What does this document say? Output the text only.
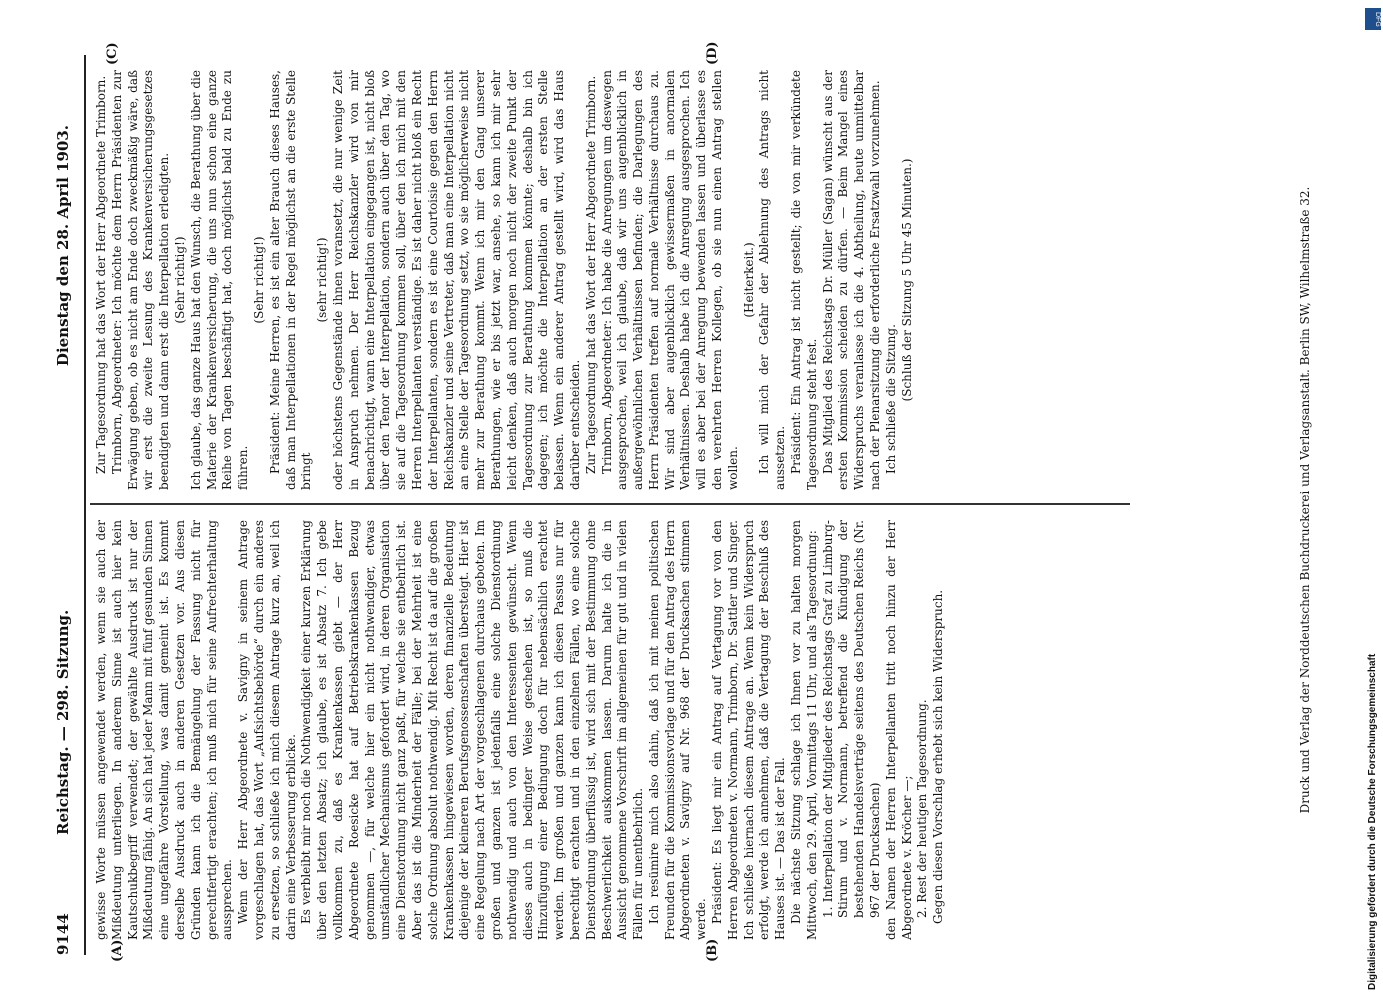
9144
Reichstag. — 298. Sitzung.
Dienstag den 28. April 1903.

gewisse Worte müssen angewendet werden, wenn sie auch der Mißdeutung unterliegen. In anderem Sinne ist auch hier kein Kautschukbegriff verwendet; der gewählte Ausdruck ist nur der Mißdeutung fähig. An sich hat jeder Mann mit fünf gesunden Sinnen eine ungefähre Vorstellung, was damit gemeint ist. Es kommt derselbe Ausdruck auch in anderen Gesetzen vor. Aus diesen Gründen kann ich die Bemängelung der Fassung nicht für gerechtfertigt erachten; ich muß mich für seine Aufrechterhaltung aussprechen. Wenn der Herr Abgeordnete v. Savigny in seinem Antrage vorgeschlagen hat, das Wort „Aufsichtsbehörde“ durch ein anderes zu ersetzen, so schließe ich mich diesem Antrage kurz an, weil ich darin eine Verbesserung erblicke. Es verbleibt mir noch die Nothwendigkeit einer kurzen Erklärung über den letzten Absatz; ich glaube, es ist Absatz 7. Ich gebe vollkommen zu, daß es Krankenkassen giebt — der Herr Abgeordnete Roesicke hat auf Betriebskrankenkassen Bezug genommen —, für welche hier ein nicht nothwendiger, etwas umständlicher Mechanismus gefordert wird, in deren Organisation eine Dienstordnung nicht ganz paßt, für welche sie entbehrlich ist. Aber das ist die Minderheit der Fälle; bei der Mehrheit ist eine solche Ordnung absolut nothwendig. Mit Recht ist da auf die großen Krankenkassen hingewiesen worden, deren finanzielle Bedeutung diejenige der kleineren Berufsgenossenschaften übersteigt. Hier ist eine Regelung nach Art der vorgeschlagenen durchaus geboten. Im großen und ganzen ist jedenfalls eine solche Dienstordnung nothwendig und auch von den Interessenten gewünscht. Wenn dieses auch in bedingter Weise geschehen ist, so muß die Hinzufügung einer Bedingung doch für nebensächlich erachtet werden. Im großen und ganzen kann ich diesen Passus nur für berechtigt erachten und in den einzelnen Fällen, wo eine solche Dienstordnung überflüssig ist, wird sich mit der Bestimmung ohne Beschwerlichkeit auskommen lassen. Darum halte ich die in Aussicht genommene Vorschrift im allgemeinen für gut und in vielen Fällen für unentbehrlich. Ich resümire mich also dahin, daß ich mit meinen politischen Freunden für die Kommissionsvorlage und für den Antrag des Herrn Abgeordneten v. Savigny auf Nr. 968 der Drucksachen stimmen werde. Präsident: Es liegt mir ein Antrag auf Vertagung vor von den Herren Abgeordneten v. Normann, Trimborn, Dr. Sattler und Singer. Ich schließe hiernach diesem Antrage an. Wenn kein Widerspruch erfolgt, werde ich annehmen, daß die Vertagung der Beschluß des Hauses ist. — Das ist der Fall. Die nächste Sitzung schlage ich Ihnen vor zu halten morgen Mittwoch, den 29. April, Vormittags 11 Uhr, und als Tagesordnung: 1. Interpellation der Mitglieder des Reichstags Graf zu Limburg-Stirum und v. Normann, betreffend die Kündigung der bestehenden Handelsverträge seitens des Deutschen Reichs (Nr. 967 der Drucksachen) den Namen der Herren Interpellanten tritt noch hinzu der Herr Abgeordnete v. Kröcher —; 2. Rest der heutigen Tagesordnung. Gegen diesen Vorschlag erhebt sich kein Widerspruch.

Zur Tagesordnung hat das Wort der Herr Abgeordnete Trimborn. Trimborn, Abgeordneter: Ich möchte dem Herrn Präsidenten zur Erwägung geben, ob es nicht am Ende doch zweckmäßig wäre, daß wir erst die zweite Lesung des Krankenversicherungsgesetzes beendigten und dann erst die Interpellation erledigten. (Sehr richtig!) Ich glaube, das ganze Haus hat den Wunsch, die Berathung über die Materie der Krankenversicherung, die uns nun schon eine ganze Reihe von Tagen beschäftigt hat, doch möglichst bald zu Ende zu führen.

(Sehr richtig!) Präsident: Meine Herren, es ist ein alter Brauch dieses Hauses, daß man Interpellationen in der Regel möglichst an die erste Stelle bringt

(sehr richtig!) oder höchstens Gegenstände ihnen voransetzt, die nur wenige Zeit in Anspruch nehmen. Der Herr Reichskanzler wird von mir benachrichtigt, wann eine Interpellation eingegangen ist, nicht bloß über den Tenor der Interpellation, sondern auch über den Tag, wo sie auf die Tagesordnung kommen soll, über den ich mich mit den Herren Interpellanten verständige. Es ist daher nicht bloß ein Recht der Interpellanten, sondern es ist eine Courtoisie gegen den Herrn Reichskanzler und seine Vertreter, daß man eine Interpellation nicht an eine Stelle der Tagesordnung setzt, wo sie möglicherweise nicht mehr zur Berathung kommt. Wenn ich mir den Gang unserer Berathungen, wie er bis jetzt war, ansehe, so kann ich mir sehr leicht denken, daß auch morgen noch nicht der zweite Punkt der Tagesordnung zur Berathung kommen könnte; deshalb bin ich dagegen; ich möchte die Interpellation an der ersten Stelle belassen. Wenn ein anderer Antrag gestellt wird, wird das Haus darüber entscheiden. Zur Tagesordnung hat das Wort der Herr Abgeordnete Trimborn. Trimborn, Abgeordneter: Ich habe die Anregungen um deswegen ausgesprochen, weil ich glaube, daß wir uns augenblicklich in außergewöhnlichen Verhältnissen befinden; die Darlegungen des Herrn Präsidenten treffen auf normale Verhältnisse durchaus zu. Wir sind aber augenblicklich gewissermaßen in anormalen Verhältnissen. Deshalb habe ich die Anregung ausgesprochen. Ich will es aber bei der Anregung bewenden lassen und überlasse es den verehrten Herren Kollegen, ob sie nun einen Antrag stellen wollen.

(Heiterkeit.) Ich will mich der Gefahr der Ablehnung des Antrags nicht aussetzen. Präsident: Ein Antrag ist nicht gestellt; die von mir verkündete Tagesordnung steht fest. Das Mitglied des Reichstags Dr. Müller (Sagan) wünscht aus der ersten Kommission scheiden zu dürfen. — Beim Mangel eines Widerspruchs veranlasse ich die 4. Abtheilung, heute unmittelbar nach der Plenarsitzung die erforderliche Ersatzwahl vorzunehmen. Ich schließe die Sitzung. (Schluß der Sitzung 5 Uhr 45 Minuten.)

(A)	(B)
(C)	(D)
Druck und Verlag der Norddeutschen Buchdruckerei und Verlagsanstalt. Berlin SW, Wilhelmstraße 32.
DFG
Digitalisierung gefördert durch die Deutsche Forschungsgemeinschaft
